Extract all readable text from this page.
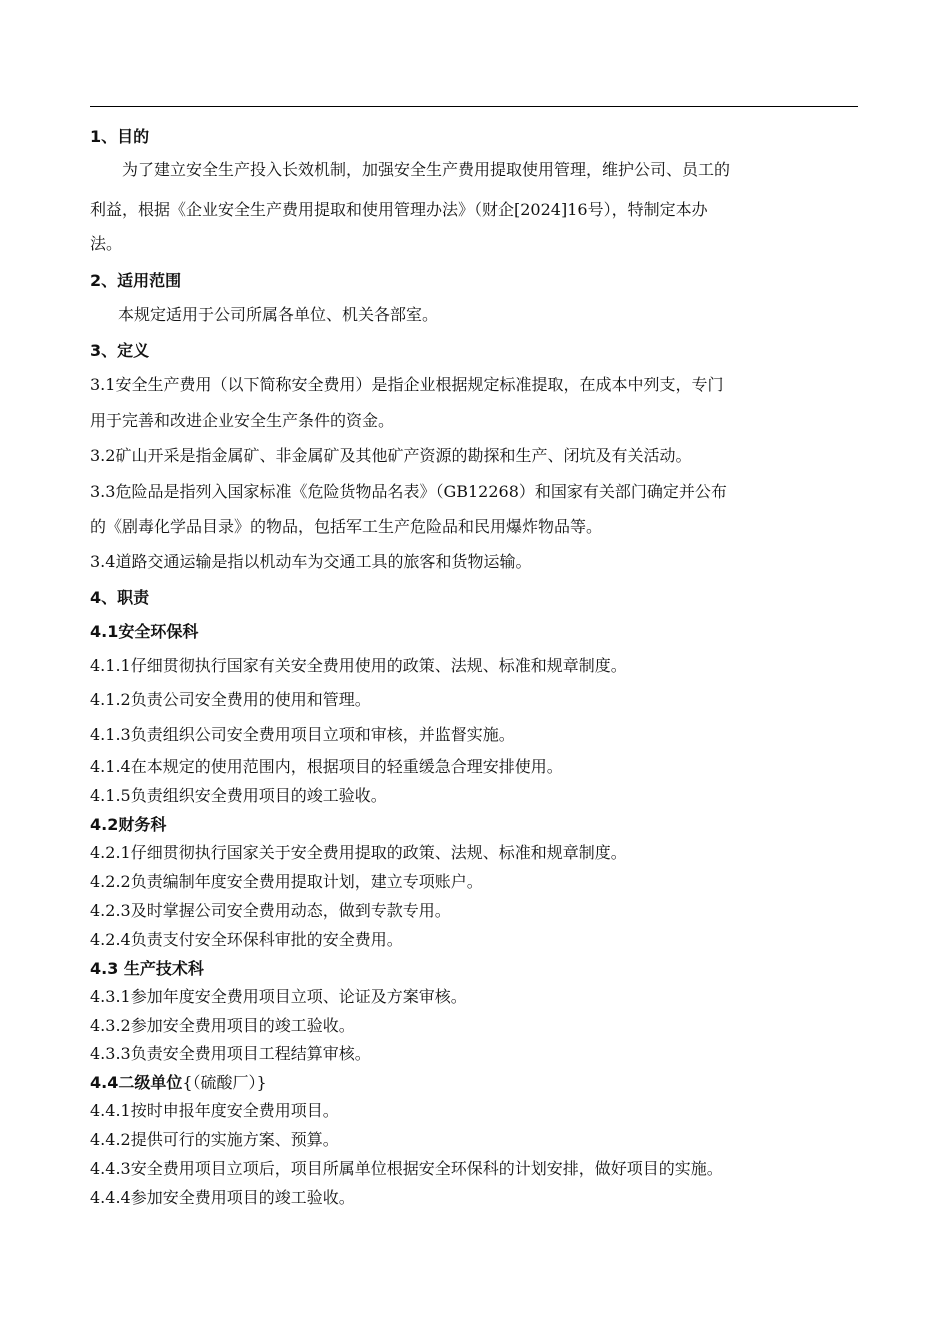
1、目的
为了建立安全生产投入长效机制，加强安全生产费用提取使用管理，维护公司、员工的
利益，根据《企业安全生产费用提取和使用管理办法》（财企[2024]16号），特制定本办
法。
2、适用范围
本规定适用于公司所属各单位、机关各部室。
3、定义
3.1安全生产费用（以下简称安全费用）是指企业根据规定标准提取，在成本中列支，专门
用于完善和改进企业安全生产条件的资金。
3.2矿山开采是指金属矿、非金属矿及其他矿产资源的勘探和生产、闭坑及有关活动。
3.3危险品是指列入国家标准《危险货物品名表》（GB12268）和国家有关部门确定并公布
的《剧毒化学品目录》的物品，包括军工生产危险品和民用爆炸物品等。
3.4道路交通运输是指以机动车为交通工具的旅客和货物运输。
4、职责
4.1安全环保科
4.1.1仔细贯彻执行国家有关安全费用使用的政策、法规、标准和规章制度。
4.1.2负责公司安全费用的使用和管理。
4.1.3负责组织公司安全费用项目立项和审核，并监督实施。
4.1.4在本规定的使用范围内，根据项目的轻重缓急合理安排使用。
4.1.5负责组织安全费用项目的竣工验收。
4.2财务科
4.2.1仔细贯彻执行国家关于安全费用提取的政策、法规、标准和规章制度。
4.2.2负责编制年度安全费用提取计划，建立专项账户。
4.2.3及时掌握公司安全费用动态，做到专款专用。
4.2.4负责支付安全环保科审批的安全费用。
4.3 生产技术科
4.3.1参加年度安全费用项目立项、论证及方案审核。
4.3.2参加安全费用项目的竣工验收。
4.3.3负责安全费用项目工程结算审核。
4.4二级单位{（硫酸厂）}
4.4.1按时申报年度安全费用项目。
4.4.2提供可行的实施方案、预算。
4.4.3安全费用项目立项后，项目所属单位根据安全环保科的计划安排，做好项目的实施。
4.4.4参加安全费用项目的竣工验收。
